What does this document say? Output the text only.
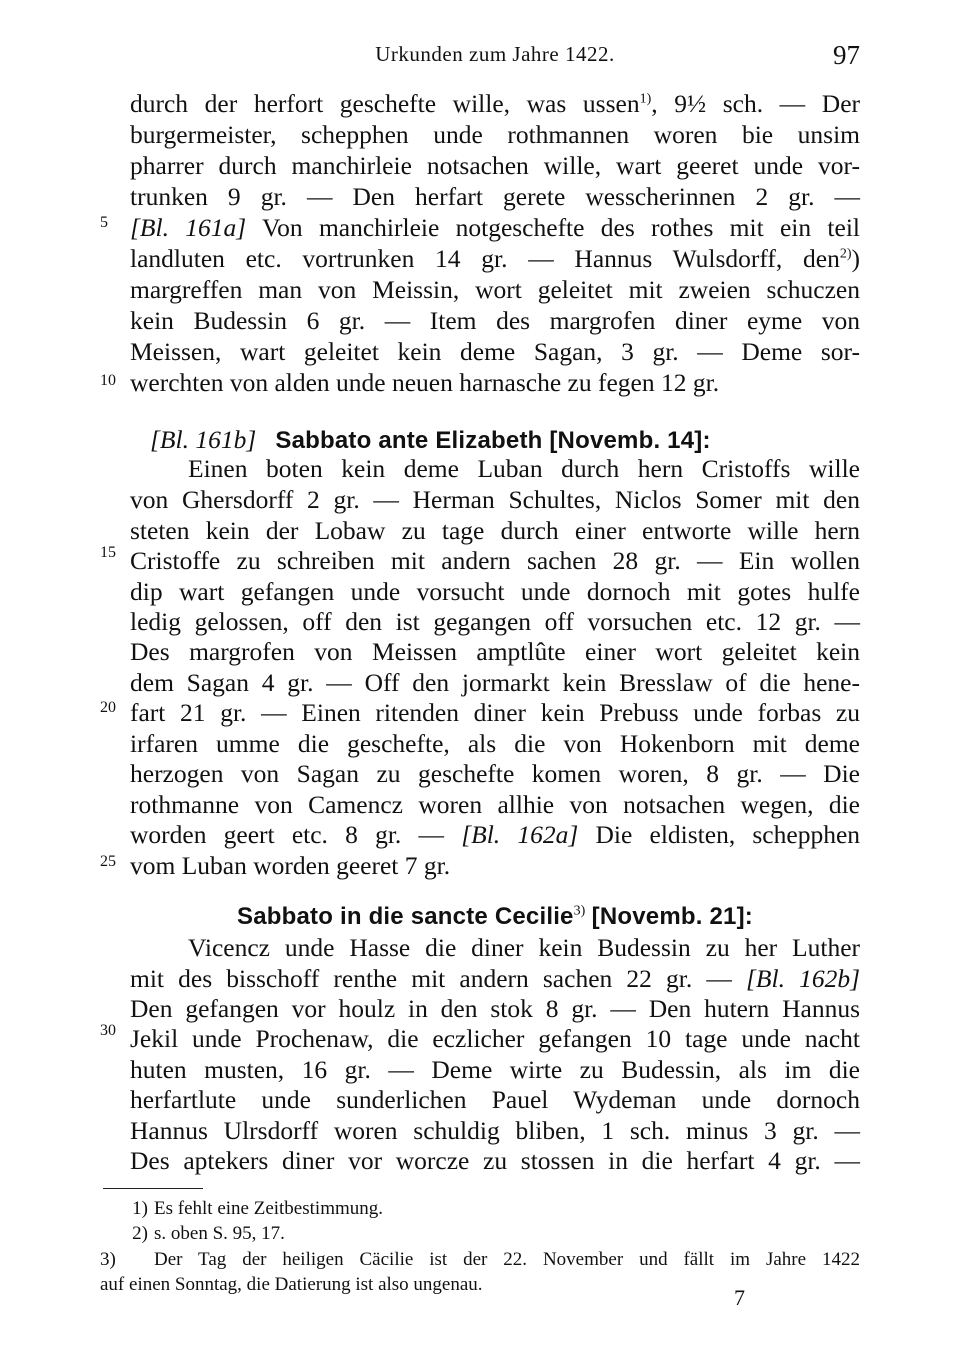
Urkunden zum Jahre 1422.	97
5
10
15
20
25
30
durch der herfort geschefte wille, was ussen$^{1)}$, 9½ sch. — Der
burgermeister, schepphen unde rothmannen woren bie unsim
pharrer durch manchirleie notsachen wille, wart geeret unde vor-
trunken 9 gr. — Den herfart gerete wesscherinnen 2 gr. —
[Bl. 161a] Von manchirleie notgeschefte des rothes mit ein teil
landluten etc. vortrunken 14 gr. — Hannus Wulsdorff, den$^{2)}$)
margreffen man von Meissin, wort geleitet mit zweien schuczen
kein Budessin 6 gr. — Item des margrofen diner eyme von
Meissen, wart geleitet kein deme Sagan, 3 gr. — Deme sor-
werchten von alden unde neuen harnasche zu fegen 12 gr.
[Bl. 161b] Sabbato ante Elizabeth [Novemb. 14]:
Einen boten kein deme Luban durch hern Cristoffs wille
von Ghersdorff 2 gr. — Herman Schultes, Niclos Somer mit den
steten kein der Lobaw zu tage durch einer entworte wille hern
Cristoffe zu schreiben mit andern sachen 28 gr. — Ein wollen
dip wart gefangen unde vorsucht unde dornoch mit gotes hulfe
ledig gelossen, off den ist gegangen off vorsuchen etc. 12 gr. —
Des margrofen von Meissen amptlûte einer wort geleitet kein
dem Sagan 4 gr. — Off den jormarkt kein Bresslaw of die hene-
fart 21 gr. — Einen ritenden diner kein Prebuss unde forbas zu
irfaren umme die geschefte, als die von Hokenborn mit deme
herzogen von Sagan zu geschefte komen woren, 8 gr. — Die
rothmanne von Camencz woren allhie von notsachen wegen, die
worden geert etc. 8 gr. — [Bl. 162a] Die eldisten, schepphen
vom Luban worden geeret 7 gr.
Sabbato in die sancte Cecilie$^{3)}$ [Novemb. 21]:
Vicencz unde Hasse die diner kein Budessin zu her Luther
mit des bisschoff renthe mit andern sachen 22 gr. — [Bl. 162b]
Den gefangen vor houlz in den stok 8 gr. — Den hutern Hannus
Jekil unde Prochenaw, die eczlicher gefangen 10 tage unde nacht
huten musten, 16 gr. — Deme wirte zu Budessin, als im die
herfartlute unde sunderlichen Pauel Wydeman unde dornoch
Hannus Ulrsdorff woren schuldig bliben, 1 sch. minus 3 gr. —
Des aptekers diner vor worcze zu stossen in die herfart 4 gr. —
1) Es fehlt eine Zeitbestimmung.
2) s. oben S. 95, 17.
3) Der Tag der heiligen Cäcilie ist der 22. November und fällt im Jahre 1422
auf einen Sonntag, die Datierung ist also ungenau.
7
